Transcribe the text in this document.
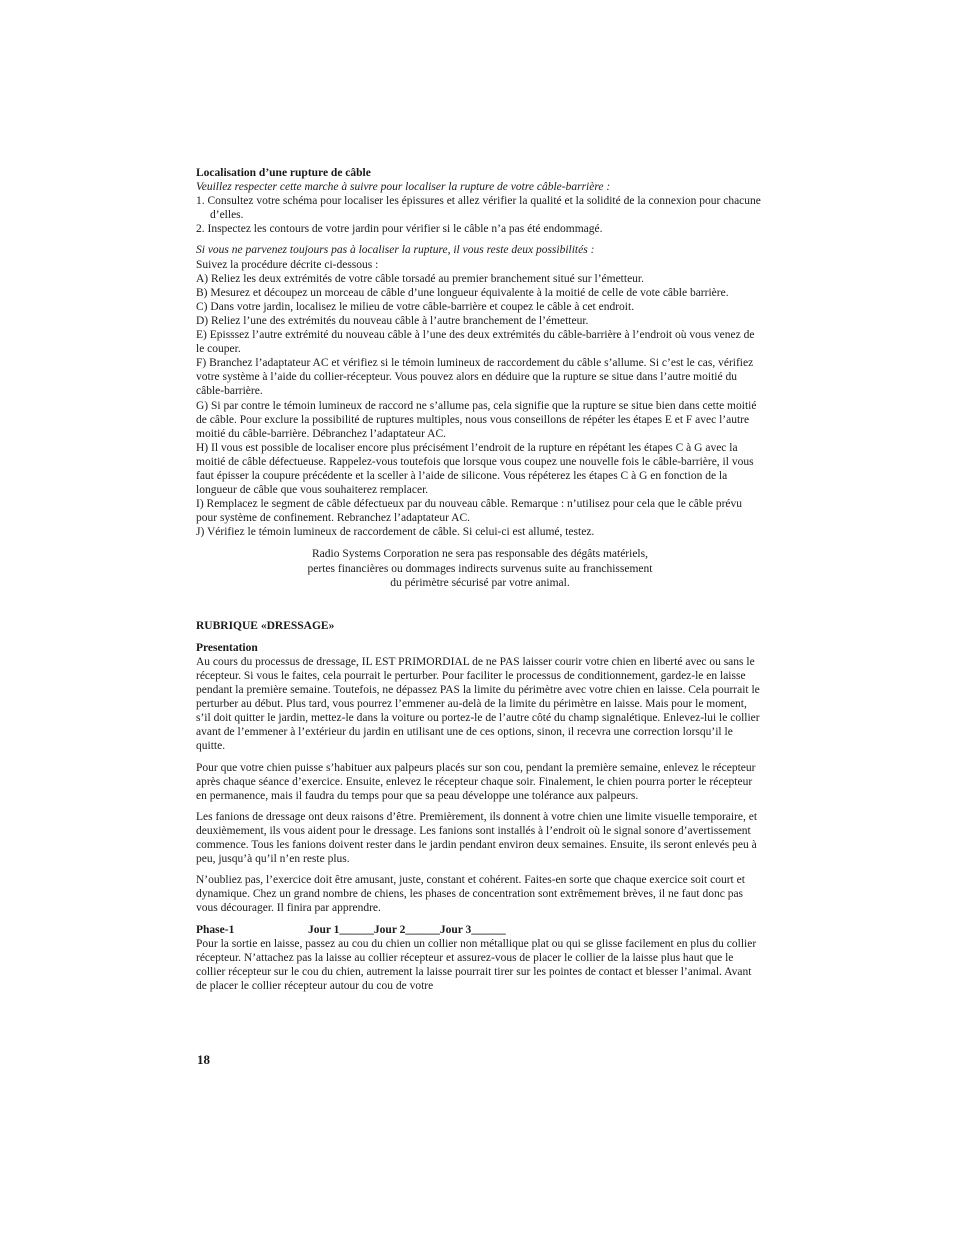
Localisation d’une rupture de câble

Veuillez respecter cette marche à suivre pour localiser la rupture de votre câble-barrière :

1. Consultez votre schéma pour localiser les épissures et allez vérifier la qualité et la solidité de la connexion pour chacune d’elles.

2. Inspectez les contours de votre jardin pour vérifier si le câble n’a pas été endommagé.

Si vous ne parvenez toujours pas à localiser la rupture, il vous reste deux possibilités :

Suivez la procédure décrite ci-dessous :

A) Reliez les deux extrémités de votre câble torsadé au premier branchement situé sur l’émetteur.

B) Mesurez et découpez un morceau de câble d’une longueur équivalente à la moitié de celle de vote câble barrière.

C) Dans votre jardin, localisez le milieu de votre câble-barrière et coupez le câble à cet endroit.

D) Reliez l’une des extrémités du nouveau câble à l’autre branchement de l’émetteur.

E) Episssez l’autre extrémité du nouveau câble à l’une des deux extrémités du câble-barrière à l’endroit où vous venez de le couper.

F) Branchez l’adaptateur AC et vérifiez si le témoin lumineux de raccordement du câble s’allume. Si c’est le cas, vérifiez votre système à l’aide du collier-récepteur. Vous pouvez alors en déduire que la rupture se situe dans l’autre moitié du câble-barrière.

G) Si par contre le témoin lumineux de raccord ne s’allume pas, cela signifie que la rupture se situe bien dans cette moitié de câble. Pour exclure la possibilité de ruptures multiples, nous vous conseillons de répéter les étapes E et F avec l’autre moitié du câble-barrière. Débranchez l’adaptateur AC.

H) Il vous est possible de localiser encore plus précisément l’endroit de la rupture en répétant les étapes C à G avec la moitié de câble défectueuse. Rappelez-vous toutefois que lorsque vous coupez une nouvelle fois le câble-barrière, il vous faut épisser la coupure précédente et la sceller à l’aide de silicone. Vous répéterez les étapes C à G en fonction de la longueur de câble que vous souhaiterez remplacer.

I) Remplacez le segment de câble défectueux par du nouveau câble. Remarque : n’utilisez pour cela que le câble prévu pour système de confinement. Rebranchez l’adaptateur AC.

J) Vérifiez le témoin lumineux de raccordement de câble. Si celui-ci est allumé, testez.

Radio Systems Corporation ne sera pas responsable des dégâts matériels,
pertes financières ou dommages indirects survenus suite au franchissement
du périmètre sécurisé par votre animal.

RUBRIQUE «DRESSAGE»

Presentation

Au cours du processus de dressage, IL EST PRIMORDIAL de ne PAS laisser courir votre chien en liberté avec ou sans le récepteur. Si vous le faites, cela pourrait le perturber. Pour faciliter le processus de conditionnement, gardez-le en laisse pendant la première semaine. Toutefois, ne dépassez PAS la limite du périmètre avec votre chien en laisse. Cela pourrait le perturber au début. Plus tard, vous pourrez l’emmener au-delà de la limite du périmètre en laisse. Mais pour le moment, s’il doit quitter le jardin, mettez-le dans la voiture ou portez-le de l’autre côté du champ signalétique. Enlevez-lui le collier avant de l’emmener à l’extérieur du jardin en utilisant une de ces options, sinon, il recevra une correction lorsqu’il le quitte.

Pour que votre chien puisse s’habituer aux palpeurs placés sur son cou, pendant la première semaine, enlevez le récepteur après chaque séance d’exercice. Ensuite, enlevez le récepteur chaque soir. Finalement, le chien pourra porter le récepteur en permanence, mais il faudra du temps pour que sa peau développe une tolérance aux palpeurs.

Les fanions de dressage ont deux raisons d’être. Premièrement, ils donnent à votre chien une limite visuelle temporaire, et deuxièmement, ils vous aident pour le dressage. Les fanions sont installés à l’endroit où le signal sonore d’avertissement commence. Tous les fanions doivent rester dans le jardin pendant environ deux semaines. Ensuite, ils seront enlevés peu à peu, jusqu’à qu’il n’en reste plus.

N’oubliez pas, l’exercice doit être amusant, juste, constant et cohérent. Faites-en sorte que chaque exercice soit court et dynamique. Chez un grand nombre de chiens, les phases de concentration sont extrêmement brèves, il ne faut donc pas vous décourager. Il finira par apprendre.

Phase-1	Jour 1______Jour 2______Jour 3______

Pour la sortie en laisse, passez au cou du chien un collier non métallique plat ou qui se glisse facilement en plus du collier récepteur. N’attachez pas la laisse au collier récepteur et assurez-vous de placer le collier de la laisse plus haut que le collier récepteur sur le cou du chien, autrement la laisse pourrait tirer sur les pointes de contact et blesser l’animal. Avant de placer le collier récepteur autour du cou de votre

18
